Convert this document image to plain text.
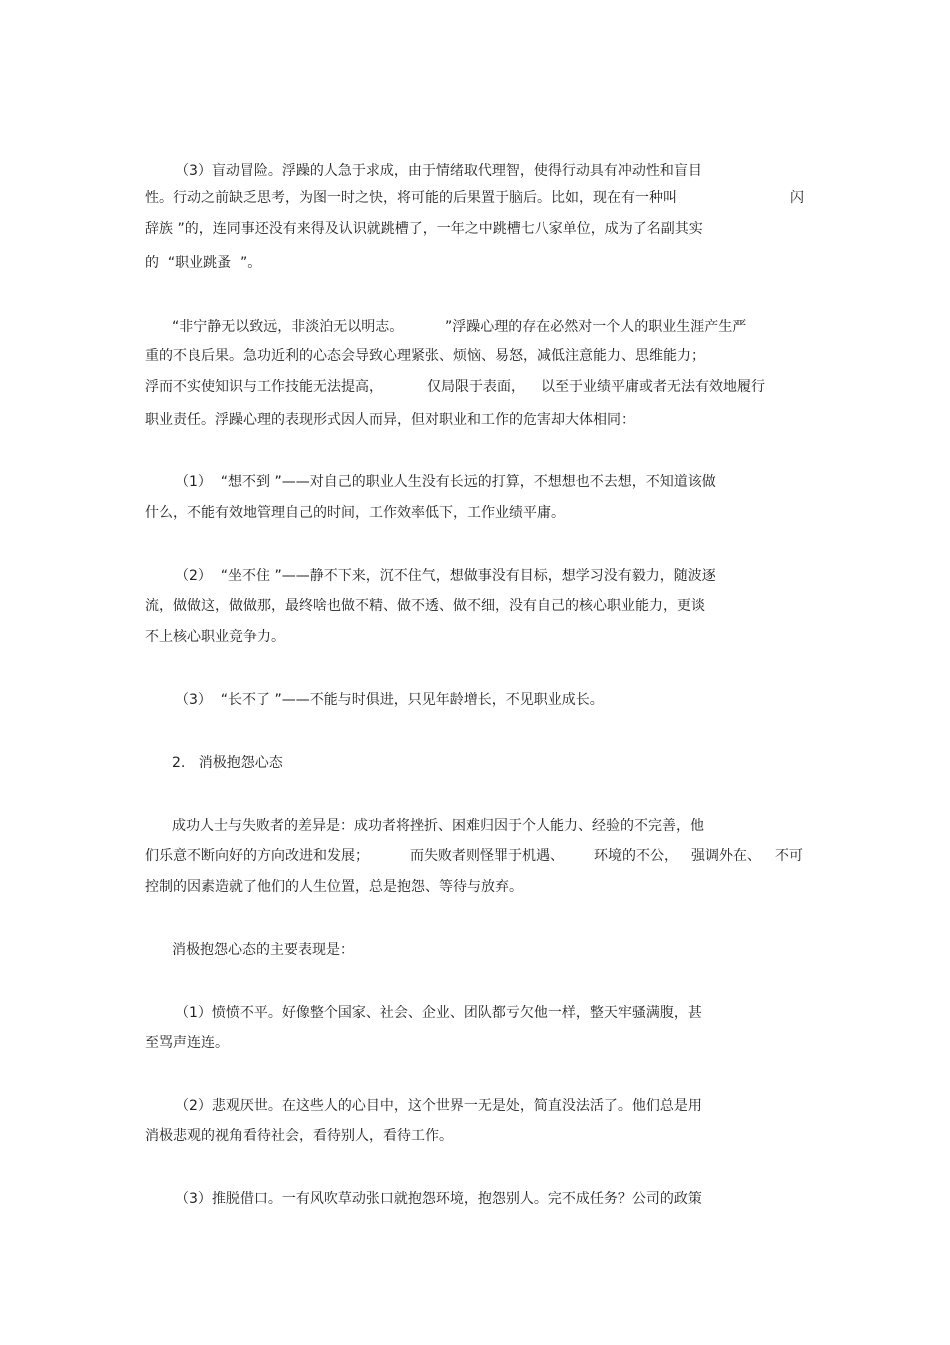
（3）盲动冒险。浮躁的人急于求成，由于情绪取代理智，使得行动具有冲动性和盲目
性。行动之前缺乏思考，为图一时之快，将可能的后果置于脑后。比如，现在有一种叫	闪
辞族 ”的，连同事还没有来得及认识就跳槽了，一年之中跳槽七八家单位，成为了名副其实
的  “职业跳蚤  ”。
“非宁静无以致远，非淡泊无以明志。	”浮躁心理的存在必然对一个人的职业生涯产生严
重的不良后果。急功近利的心态会导致心理紧张、烦恼、易怒，减低注意能力、思维能力；
浮而不实使知识与工作技能无法提高，	仅局限于表面， 以至于业绩平庸或者无法有效地履行
职业责任。浮躁心理的表现形式因人而异，但对职业和工作的危害却大体相同：
（1）  “想不到 ”——对自己的职业人生没有长远的打算，不想想也不去想，不知道该做
什么，不能有效地管理自己的时间，工作效率低下，工作业绩平庸。
（2）  “坐不住 ”——静不下来，沉不住气，想做事没有目标，想学习没有毅力，随波逐
流，做做这，做做那，最终啥也做不精、做不透、做不细，没有自己的核心职业能力，更谈
不上核心职业竞争力。
（3）  “长不了 ”——不能与时俱进，只见年龄增长，不见职业成长。
2.   消极抱怨心态
成功人士与失败者的差异是：成功者将挫折、困难归因于个人能力、经验的不完善，他
们乐意不断向好的方向改进和发展；	而失败者则怪罪于机遇、 环境的不公， 强调外在、 不可
控制的因素造就了他们的人生位置，总是抱怨、等待与放弃。
消极抱怨心态的主要表现是：
（1）愤愤不平。好像整个国家、社会、企业、团队都亏欠他一样，整天牢骚满腹，甚
至骂声连连。
（2）悲观厌世。在这些人的心目中，这个世界一无是处，简直没法活了。他们总是用
消极悲观的视角看待社会，看待别人，看待工作。
（3）推脱借口。一有风吹草动张口就抱怨环境，抱怨别人。完不成任务？公司的政策
